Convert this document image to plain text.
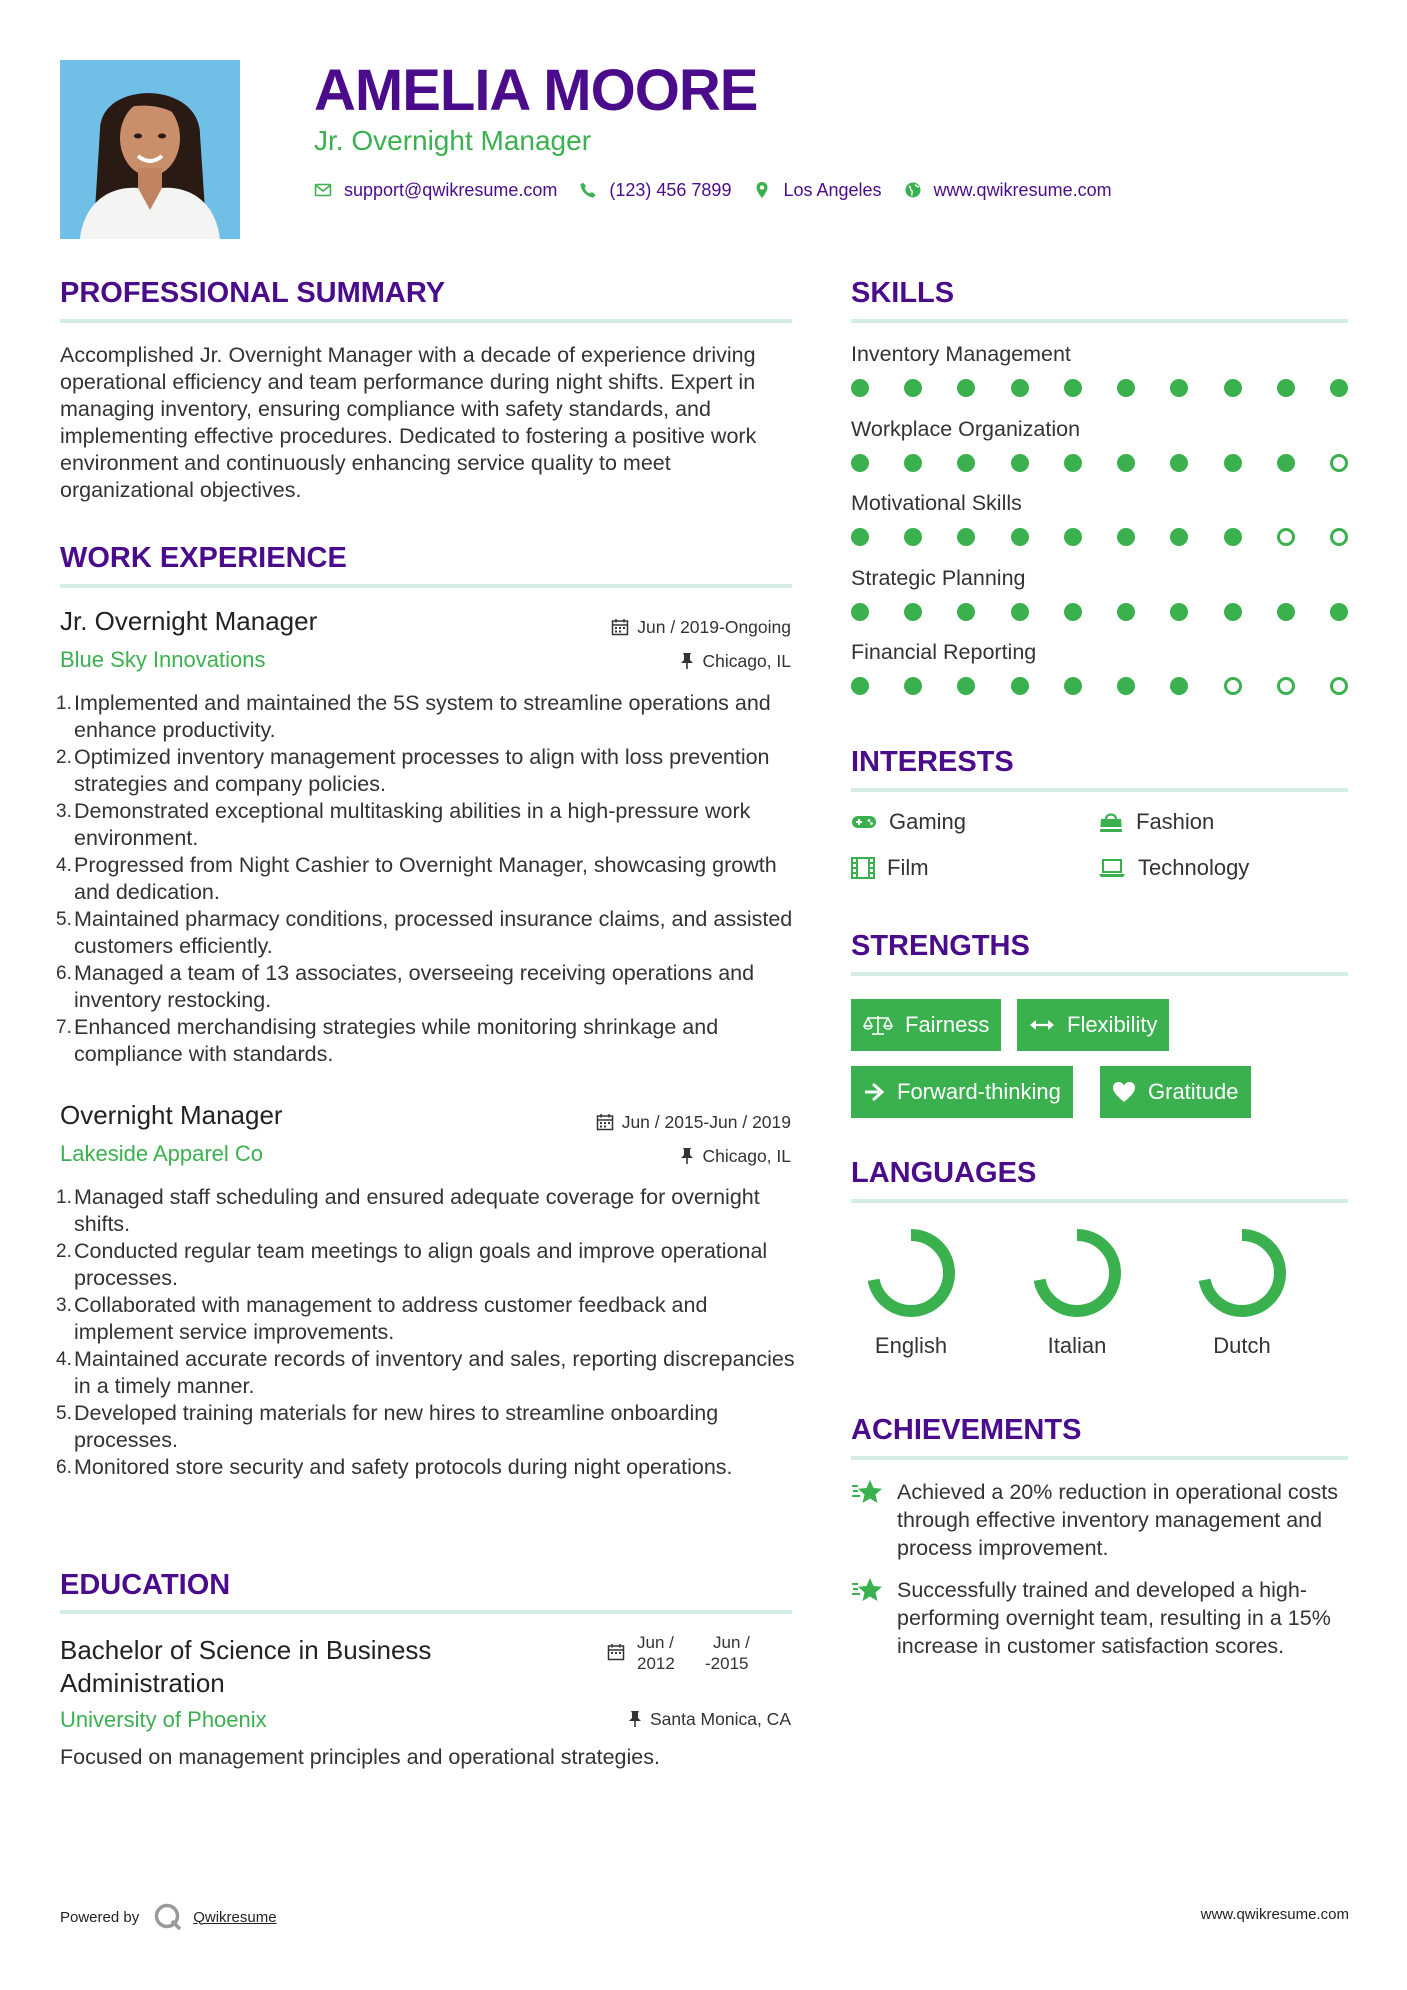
AMELIA MOORE
Jr. Overnight Manager
support@qwikresume.com	(123) 456 7899	Los Angeles	www.qwikresume.com
PROFESSIONAL SUMMARY
Accomplished Jr. Overnight Manager with a decade of experience driving operational efficiency and team performance during night shifts. Expert in managing inventory, ensuring compliance with safety standards, and implementing effective procedures. Dedicated to fostering a positive work environment and continuously enhancing service quality to meet organizational objectives.
WORK EXPERIENCE
Jr. Overnight Manager	Jun / 2019-Ongoing
Blue Sky Innovations	Chicago, IL
1. Implemented and maintained the 5S system to streamline operations and enhance productivity.
2. Optimized inventory management processes to align with loss prevention strategies and company policies.
3. Demonstrated exceptional multitasking abilities in a high-pressure work environment.
4. Progressed from Night Cashier to Overnight Manager, showcasing growth and dedication.
5. Maintained pharmacy conditions, processed insurance claims, and assisted customers efficiently.
6. Managed a team of 13 associates, overseeing receiving operations and inventory restocking.
7. Enhanced merchandising strategies while monitoring shrinkage and compliance with standards.
Overnight Manager	Jun / 2015-Jun / 2019
Lakeside Apparel Co	Chicago, IL
1. Managed staff scheduling and ensured adequate coverage for overnight shifts.
2. Conducted regular team meetings to align goals and improve operational processes.
3. Collaborated with management to address customer feedback and implement service improvements.
4. Maintained accurate records of inventory and sales, reporting discrepancies in a timely manner.
5. Developed training materials for new hires to streamline onboarding processes.
6. Monitored store security and safety protocols during night operations.
EDUCATION
Bachelor of Science in Business
Administration
Jun /
2012
Jun /
-2015
University of Phoenix	Santa Monica, CA
Focused on management principles and operational strategies.
SKILLS
Inventory Management
Workplace Organization
Motivational Skills
Strategic Planning
Financial Reporting
INTERESTS
Gaming	Fashion
Film	Technology
STRENGTHS
Fairness	Flexibility
Forward-thinking	Gratitude
LANGUAGES
English	Italian	Dutch
ACHIEVEMENTS
Achieved a 20% reduction in operational costs through effective inventory management and process improvement.
Successfully trained and developed a high-performing overnight team, resulting in a 15% increase in customer satisfaction scores.
Powered by	Qwikresume	www.qwikresume.com
